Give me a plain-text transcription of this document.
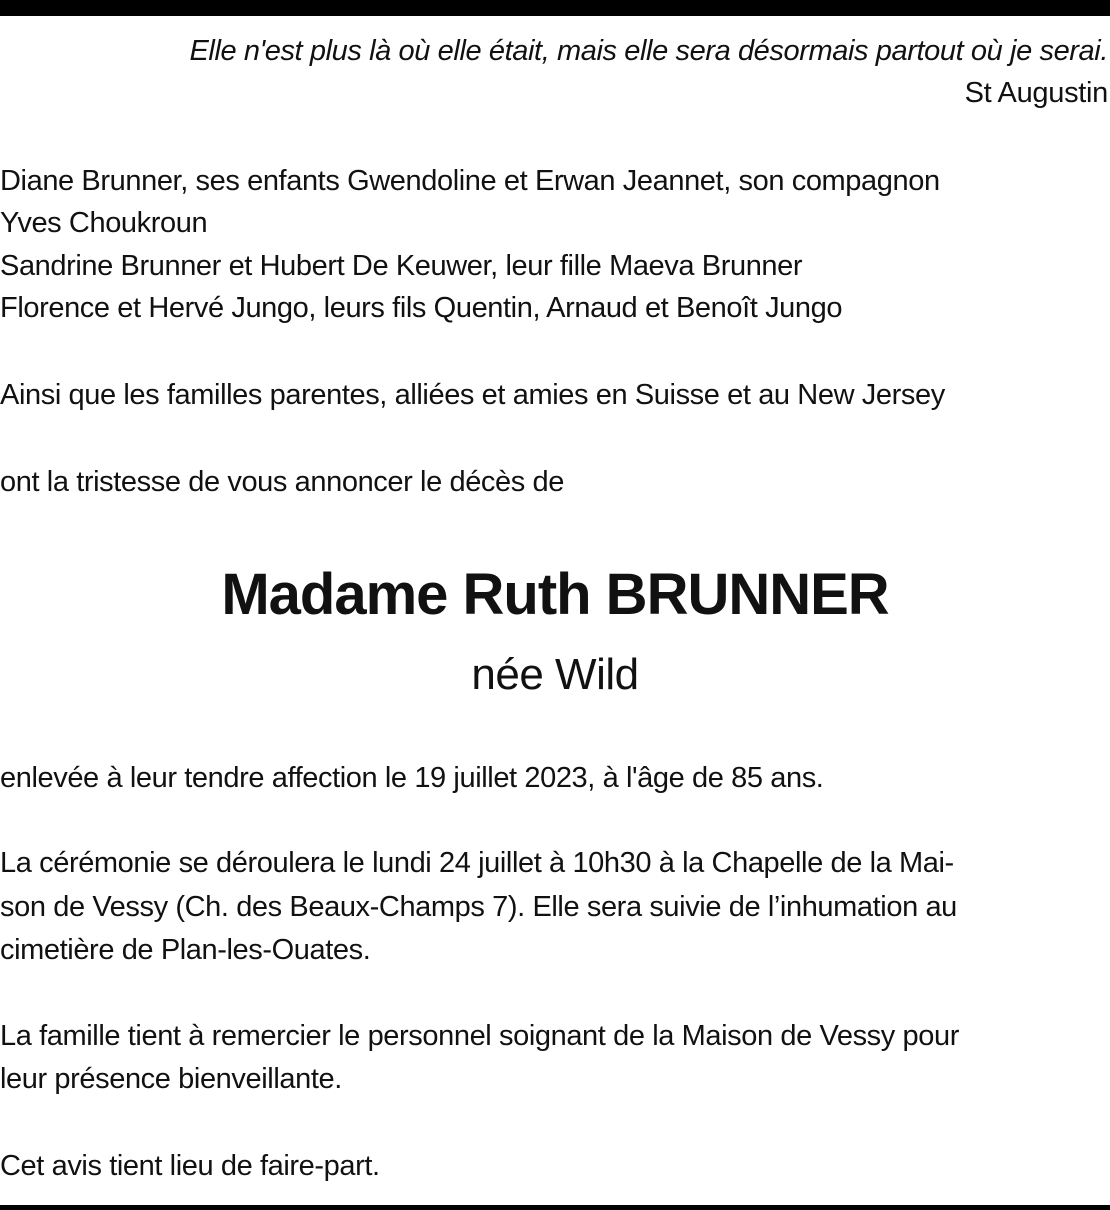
Elle n'est plus là où elle était, mais elle sera désormais partout où je serai.
St Augustin
Diane Brunner, ses enfants Gwendoline et Erwan Jeannet, son compagnon
Yves Choukroun
Sandrine Brunner et Hubert De Keuwer, leur fille Maeva Brunner
Florence et Hervé Jungo, leurs fils Quentin, Arnaud et Benoît Jungo
Ainsi que les familles parentes, alliées et amies en Suisse et au New Jersey
ont la tristesse de vous annoncer le décès de
Madame Ruth BRUNNER
née Wild
enlevée à leur tendre affection le 19 juillet 2023, à l'âge de 85 ans.
La cérémonie se déroulera le lundi 24 juillet à 10h30 à la Chapelle de la Mai-
son de Vessy (Ch. des Beaux-Champs 7). Elle sera suivie de l’inhumation au
cimetière de Plan-les-Ouates.
La famille tient à remercier le personnel soignant de la Maison de Vessy pour
leur présence bienveillante.
Cet avis tient lieu de faire-part.
